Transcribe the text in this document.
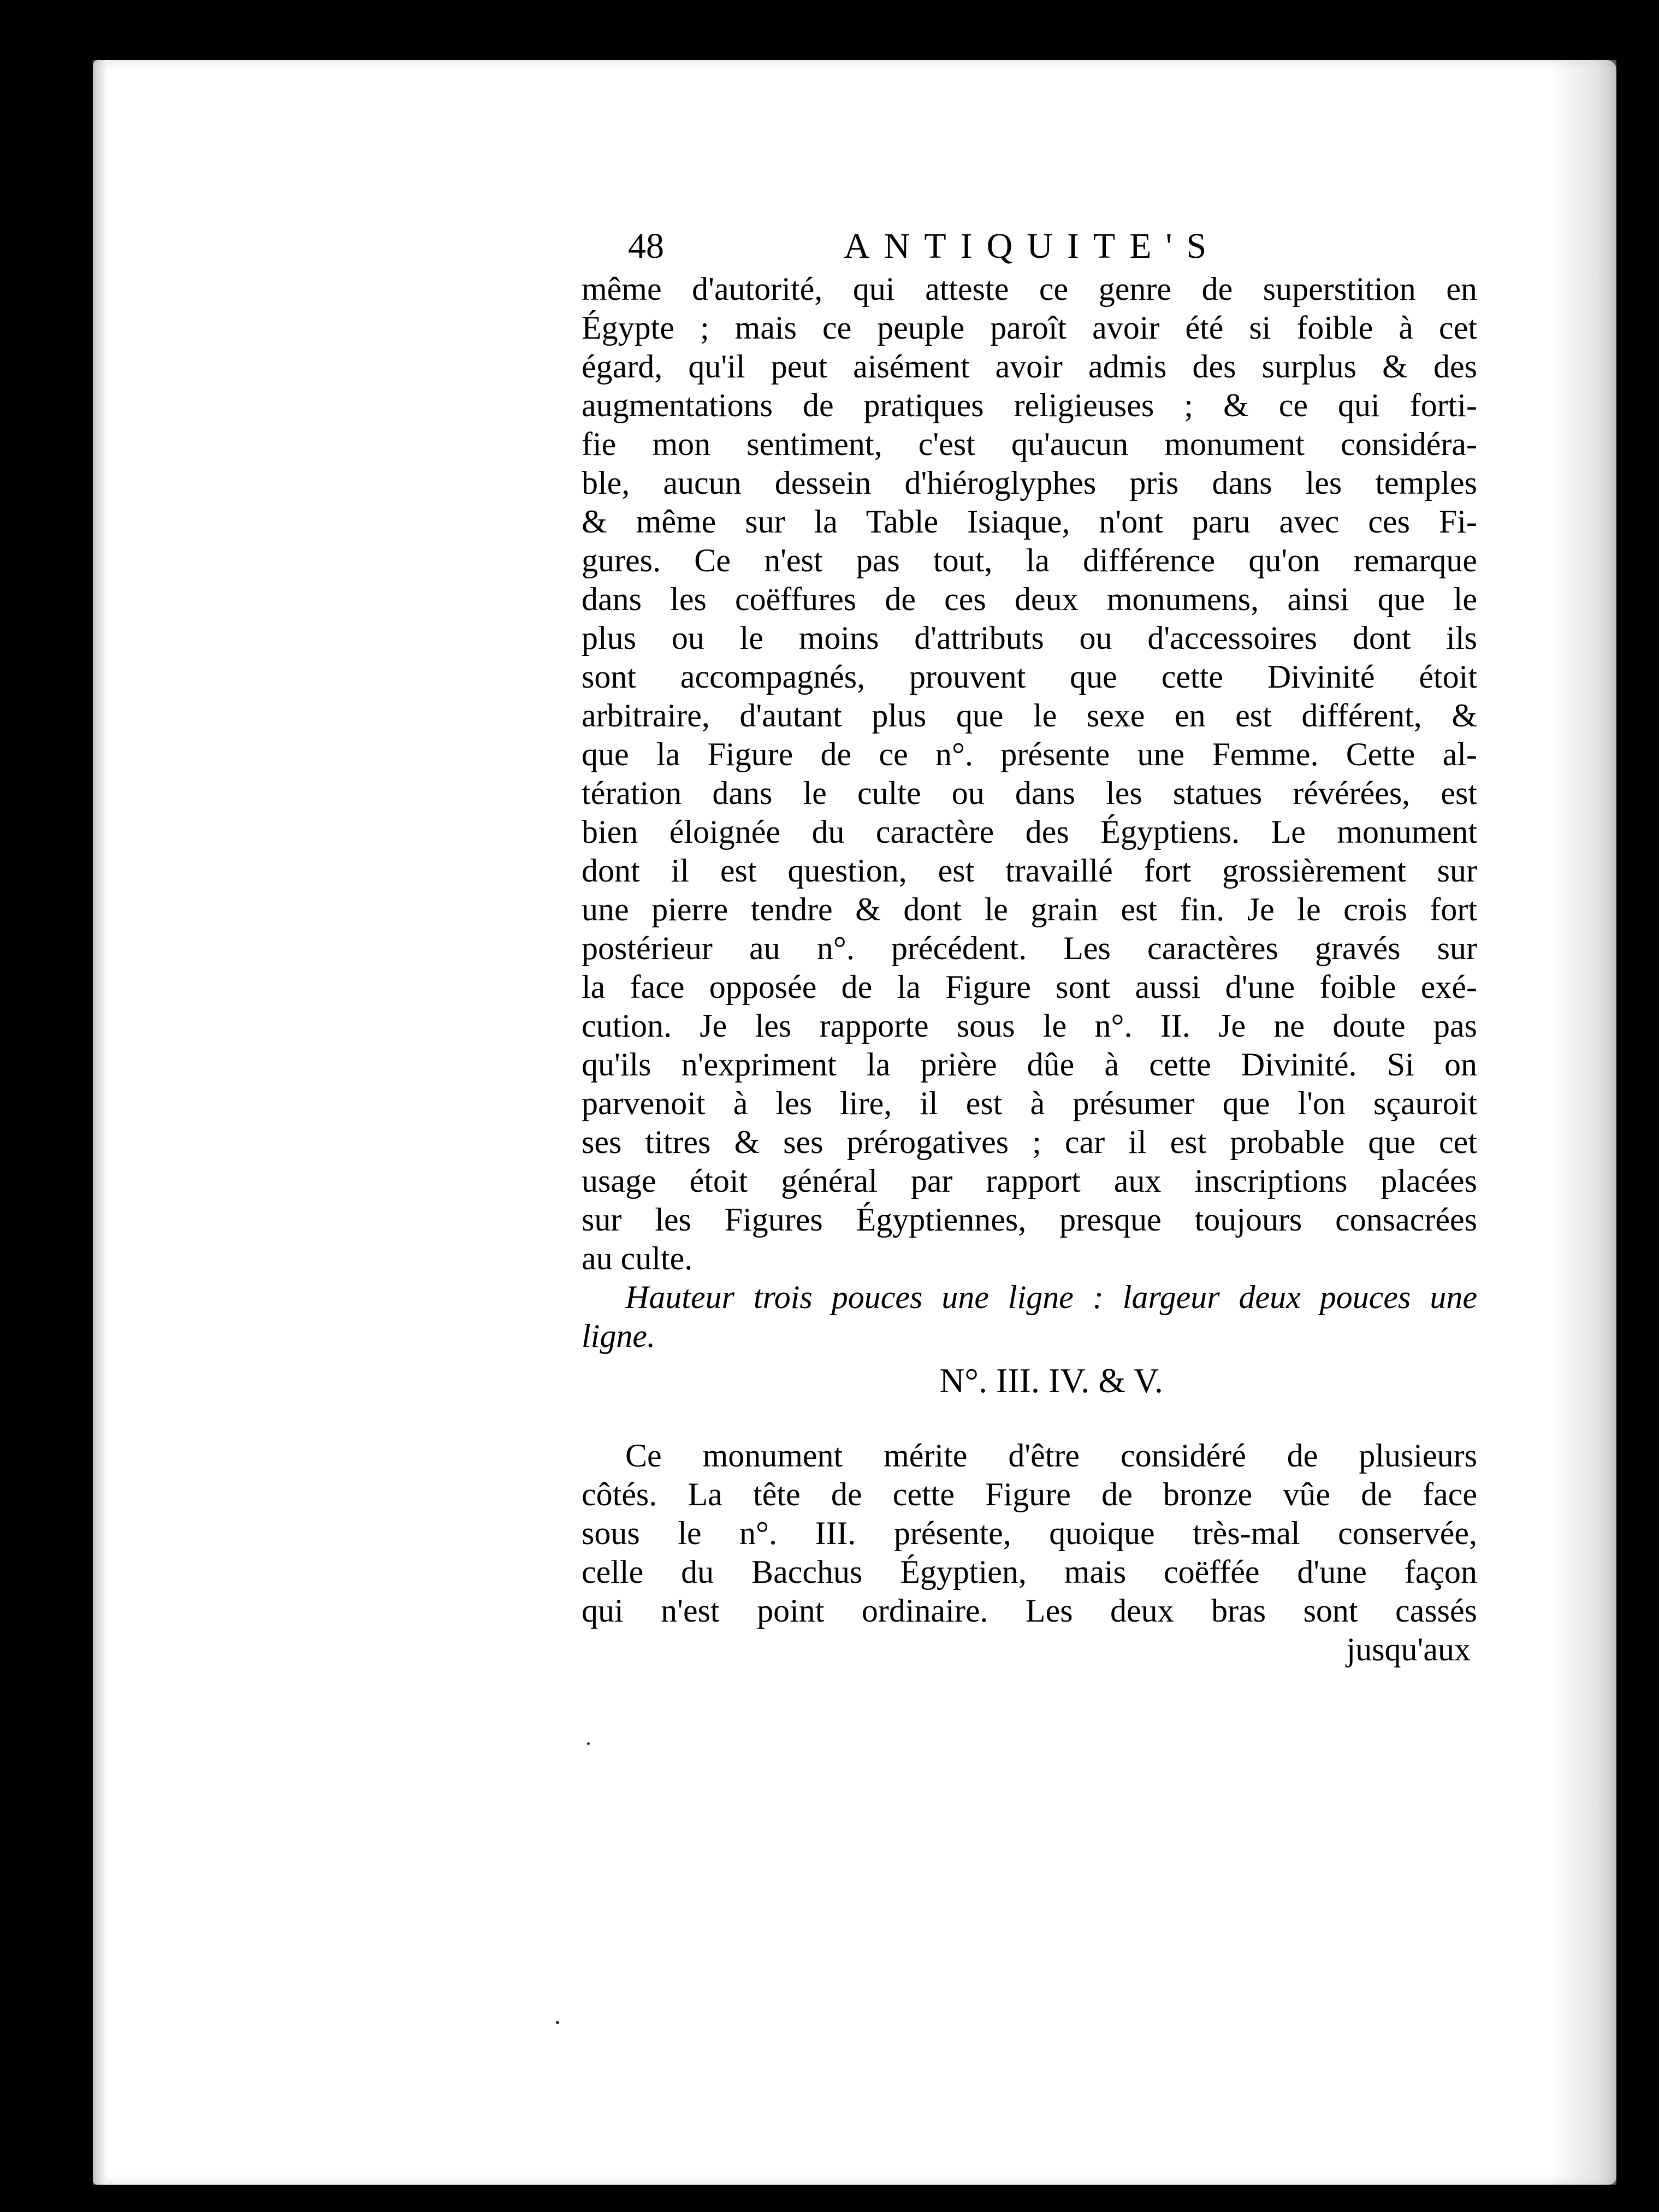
48	ANTIQUITE'S
même d'autorité, qui atteste ce genre de superstition en
Égypte ; mais ce peuple paroît avoir été si foible à cet
égard, qu'il peut aisément avoir admis des surplus & des
augmentations de pratiques religieuses ; & ce qui forti-
fie mon sentiment, c'est qu'aucun monument considéra-
ble, aucun dessein d'hiéroglyphes pris dans les temples
& même sur la Table Isiaque, n'ont paru avec ces Fi-
gures. Ce n'est pas tout, la différence qu'on remarque
dans les coëffures de ces deux monumens, ainsi que le
plus ou le moins d'attributs ou d'accessoires dont ils
sont accompagnés, prouvent que cette Divinité étoit
arbitraire, d'autant plus que le sexe en est différent, &
que la Figure de ce n°. présente une Femme. Cette al-
tération dans le culte ou dans les statues révérées, est
bien éloignée du caractère des Égyptiens. Le monument
dont il est question, est travaillé fort grossièrement sur
une pierre tendre & dont le grain est fin. Je le crois fort
postérieur au n°. précédent. Les caractères gravés sur
la face opposée de la Figure sont aussi d'une foible exé-
cution. Je les rapporte sous le n°. II. Je ne doute pas
qu'ils n'expriment la prière dûe à cette Divinité. Si on
parvenoit à les lire, il est à présumer que l'on sçauroit
ses titres & ses prérogatives ; car il est probable que cet
usage étoit général par rapport aux inscriptions placées
sur les Figures Égyptiennes, presque toujours consacrées
au culte.
Hauteur trois pouces une ligne : largeur deux pouces une
ligne.
N°. III. IV. & V.
Ce monument mérite d'être considéré de plusieurs
côtés. La tête de cette Figure de bronze vûe de face
sous le n°. III. présente, quoique très-mal conservée,
celle du Bacchus Égyptien, mais coëffée d'une façon
qui n'est point ordinaire. Les deux bras sont cassés
jusqu'aux
